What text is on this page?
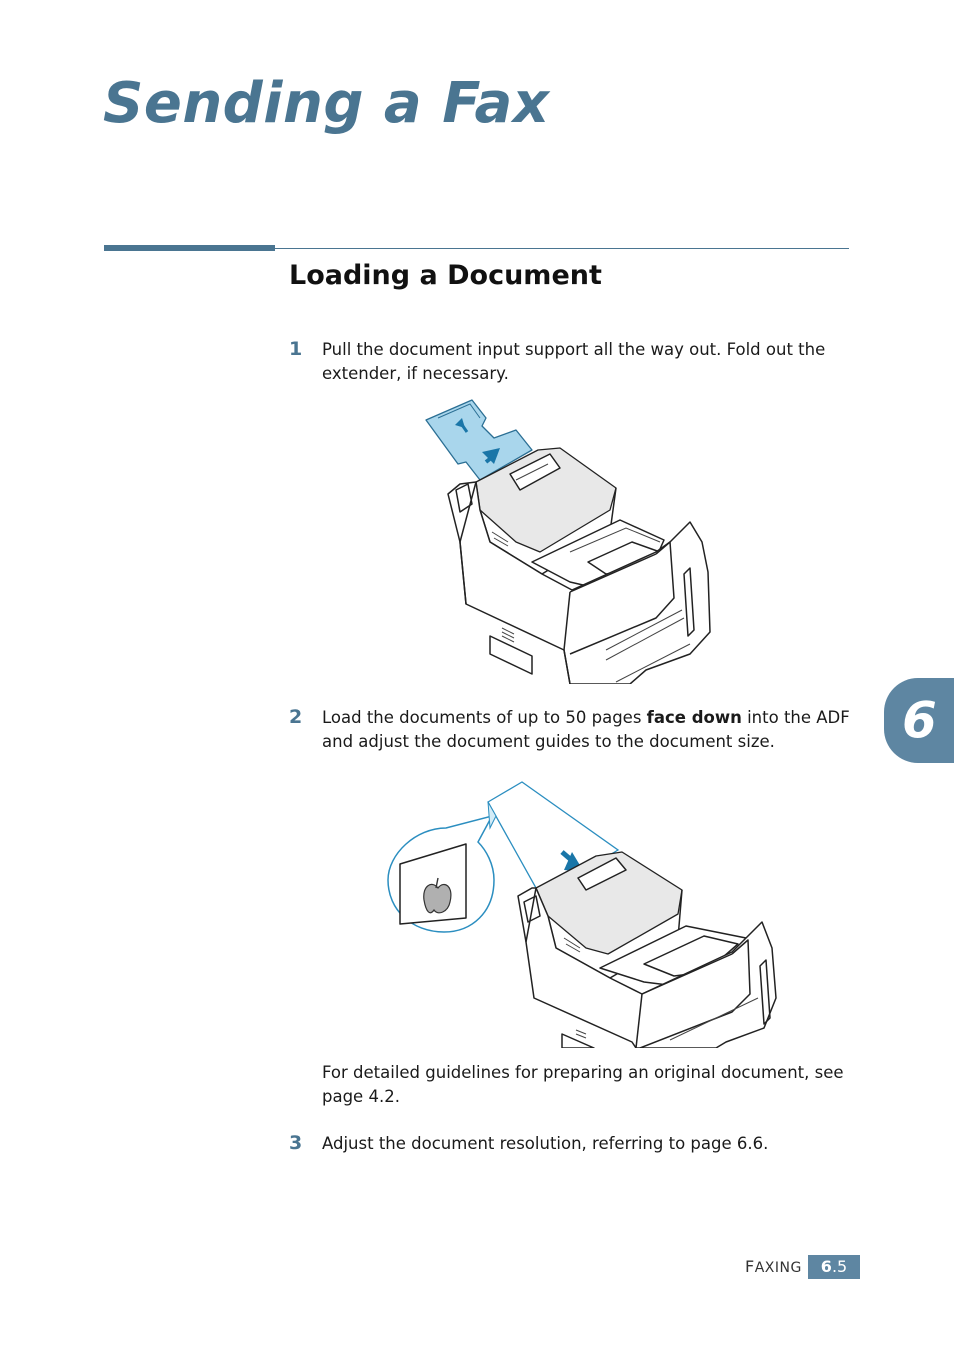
Sending a Fax
Loading a Document
1 Pull the document input support all the way out. Fold out the extender, if necessary.
2 Load the documents of up to 50 pages face down into the ADF and adjust the document guides to the document size.
For detailed guidelines for preparing an original document, see page 4.2.
3 Adjust the document resolution, referring to page 6.6.
6
FAXING	6.5
